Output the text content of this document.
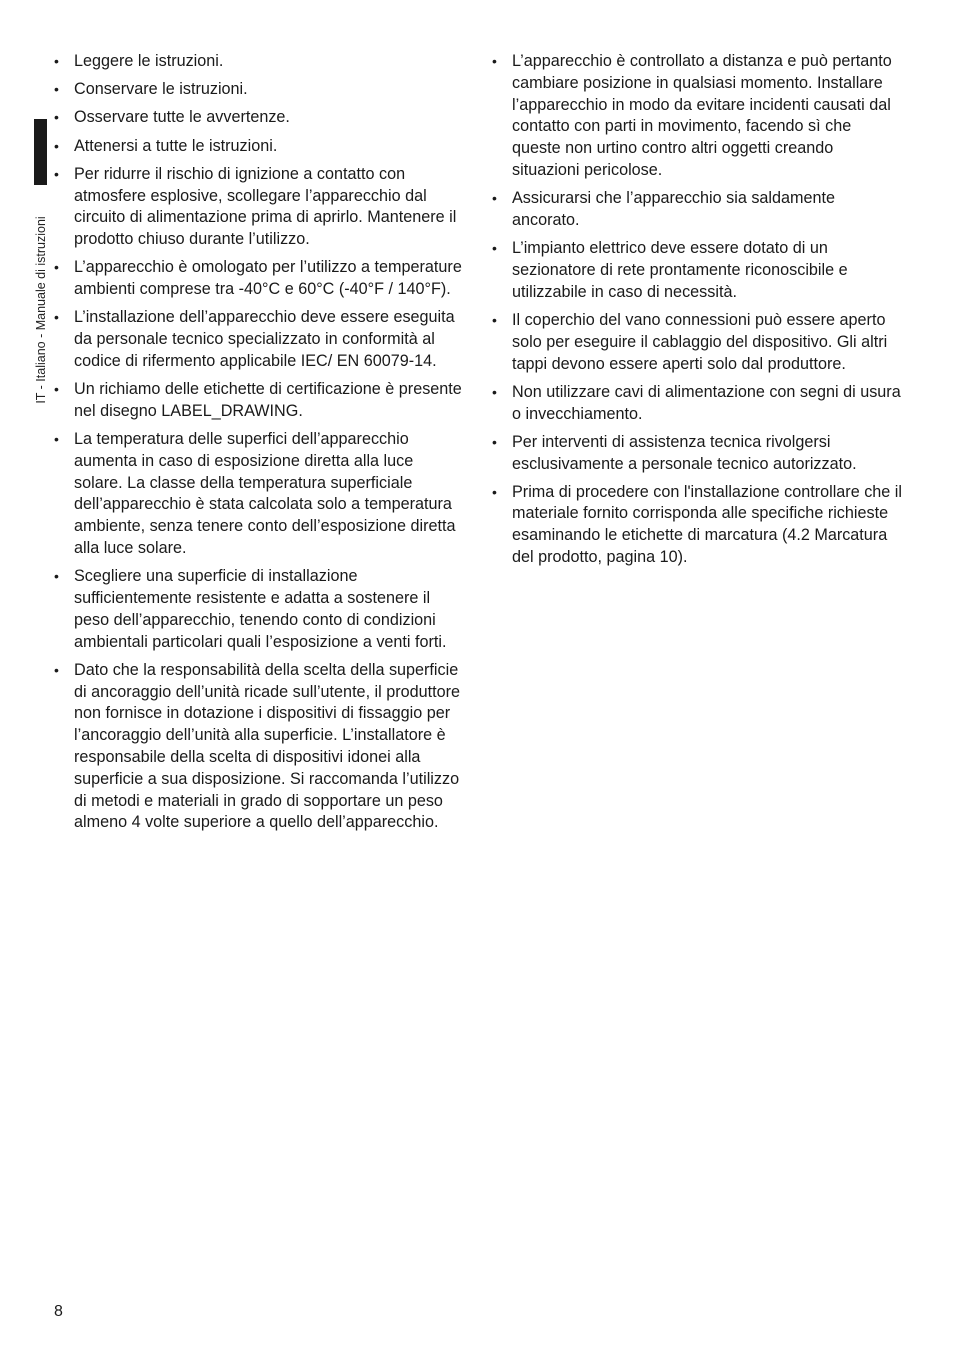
IT - Italiano - Manuale di istruzioni
• Leggere le istruzioni.
• Conservare le istruzioni.
• Osservare tutte le avvertenze.
• Attenersi a tutte le istruzioni.
• Per ridurre il rischio di ignizione a contatto con atmosfere esplosive, scollegare l’apparecchio dal circuito di alimentazione prima di aprirlo. Mantenere il prodotto chiuso durante l’utilizzo.
• L’apparecchio è omologato per l’utilizzo a temperature ambienti comprese tra -40°C e 60°C (-40°F / 140°F).
• L’installazione dell’apparecchio deve essere eseguita da personale tecnico specializzato in conformità al codice di rifermento applicabile IEC/ EN 60079-14.
• Un richiamo delle etichette di certificazione è presente nel disegno LABEL_DRAWING.
• La temperatura delle superfici dell’apparecchio aumenta in caso di esposizione diretta alla luce solare. La classe della temperatura superficiale dell’apparecchio è stata calcolata solo a temperatura ambiente, senza tenere conto dell’esposizione diretta alla luce solare.
• Scegliere una superficie di installazione sufficientemente resistente e adatta a sostenere il peso dell’apparecchio, tenendo conto di condizioni ambientali particolari quali l’esposizione a venti forti.
• Dato che la responsabilità della scelta della superficie di ancoraggio dell’unità ricade sull’utente, il produttore non fornisce in dotazione i dispositivi di fissaggio per l’ancoraggio dell’unità alla superficie. L’installatore è responsabile della scelta di dispositivi idonei alla superficie a sua disposizione. Si raccomanda l’utilizzo di metodi e materiali in grado di sopportare un peso almeno 4 volte superiore a quello dell’apparecchio.
• L’apparecchio è controllato a distanza e può pertanto cambiare posizione in qualsiasi momento. Installare l’apparecchio in modo da evitare incidenti causati dal contatto con parti in movimento, facendo sì che queste non urtino contro altri oggetti creando situazioni pericolose.
• Assicurarsi che l’apparecchio sia saldamente ancorato.
• L’impianto elettrico deve essere dotato di un sezionatore di rete prontamente riconoscibile e utilizzabile in caso di necessità.
• Il coperchio del vano connessioni può essere aperto solo per eseguire il cablaggio del dispositivo. Gli altri tappi devono essere aperti solo dal produttore.
• Non utilizzare cavi di alimentazione con segni di usura o invecchiamento.
• Per interventi di assistenza tecnica rivolgersi esclusivamente a personale tecnico autorizzato.
• Prima di procedere con l'installazione controllare che il materiale fornito corrisponda alle specifiche richieste esaminando le etichette di marcatura (4.2 Marcatura del prodotto, pagina 10).
8
